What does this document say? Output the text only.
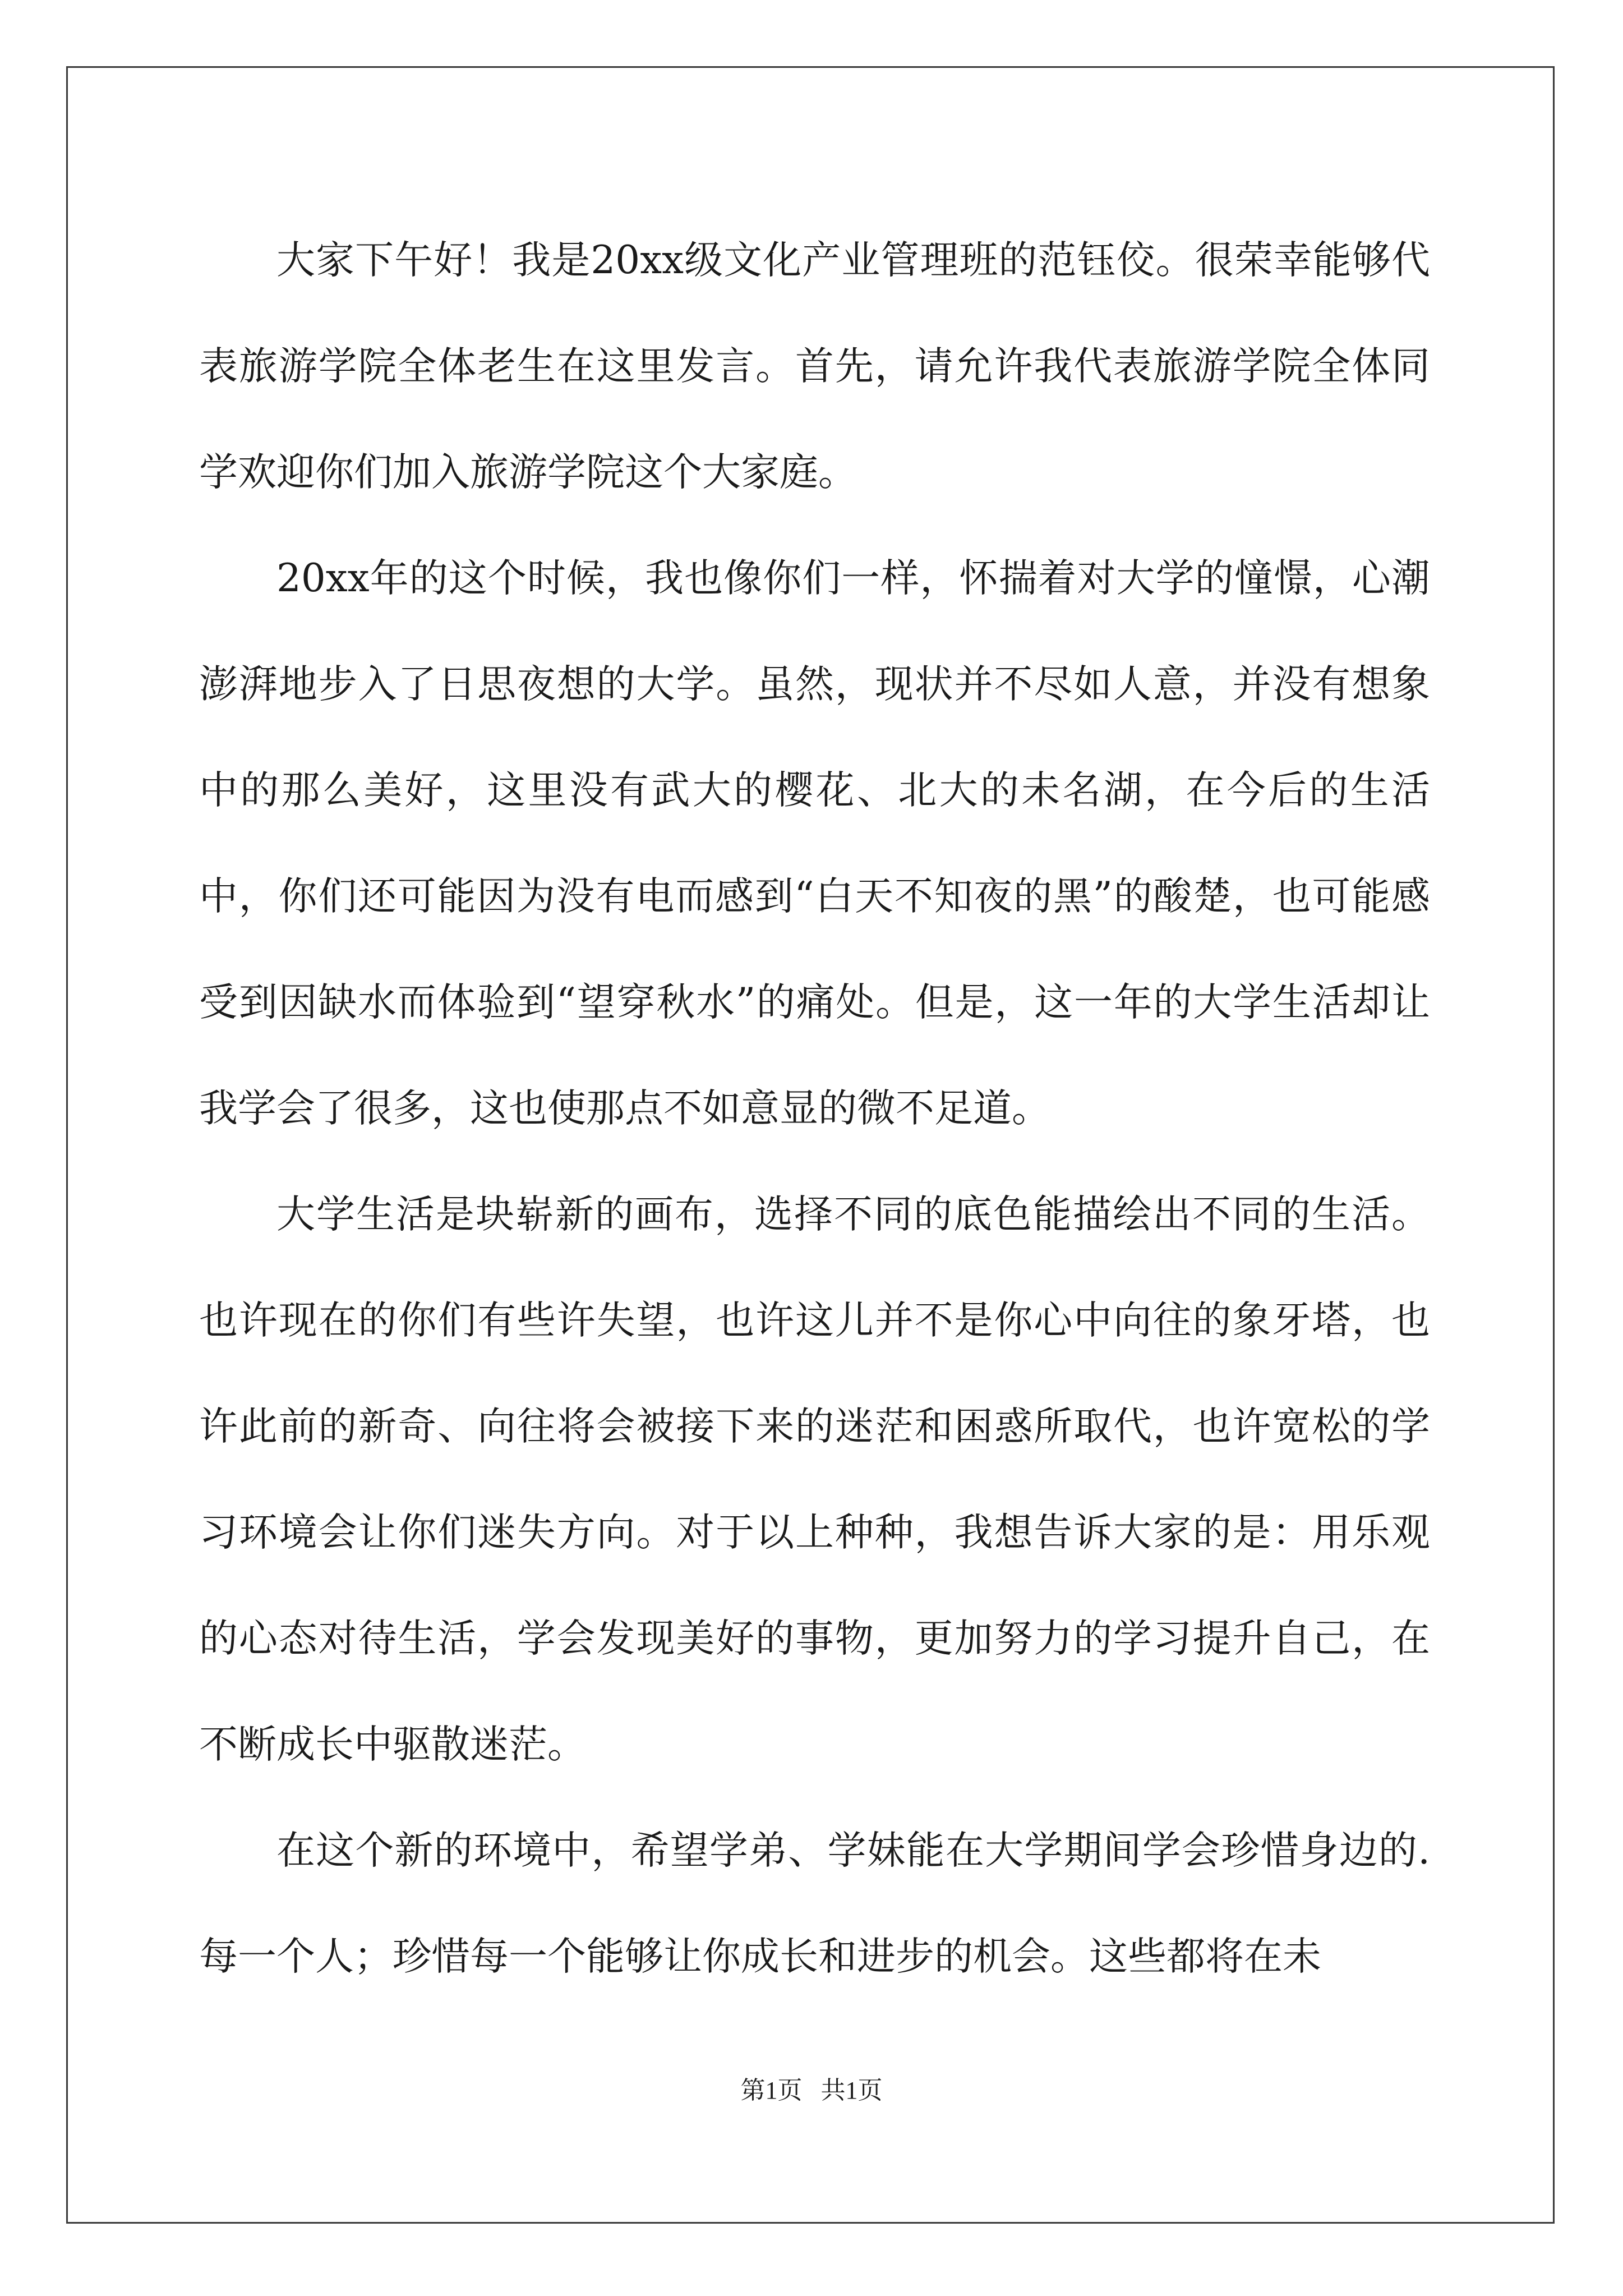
大家下午好！我是20xx级文化产业管理班的范钰佼。很荣幸能够代表旅游学院全体老生在这里发言。首先，请允许我代表旅游学院全体同学欢迎你们加入旅游学院这个大家庭。

20xx年的这个时候，我也像你们一样，怀揣着对大学的憧憬，心潮澎湃地步入了日思夜想的大学。虽然，现状并不尽如人意，并没有想象中的那么美好，这里没有武大的樱花、北大的未名湖，在今后的生活中，你们还可能因为没有电而感到“白天不知夜的黑”的酸楚，也可能感受到因缺水而体验到“望穿秋水”的痛处。但是，这一年的大学生活却让我学会了很多，这也使那点不如意显的微不足道。

大学生活是块崭新的画布，选择不同的底色能描绘出不同的生活。也许现在的你们有些许失望，也许这儿并不是你心中向往的象牙塔，也许此前的新奇、向往将会被接下来的迷茫和困惑所取代，也许宽松的学习环境会让你们迷失方向。对于以上种种，我想告诉大家的是：用乐观的心态对待生活，学会发现美好的事物，更加努力的学习提升自己，在不断成长中驱散迷茫。

在这个新的环境中，希望学弟、学妹能在大学期间学会珍惜身边的.每一个人；珍惜每一个能够让你成长和进步的机会。这些都将在未

第1页   共1页
